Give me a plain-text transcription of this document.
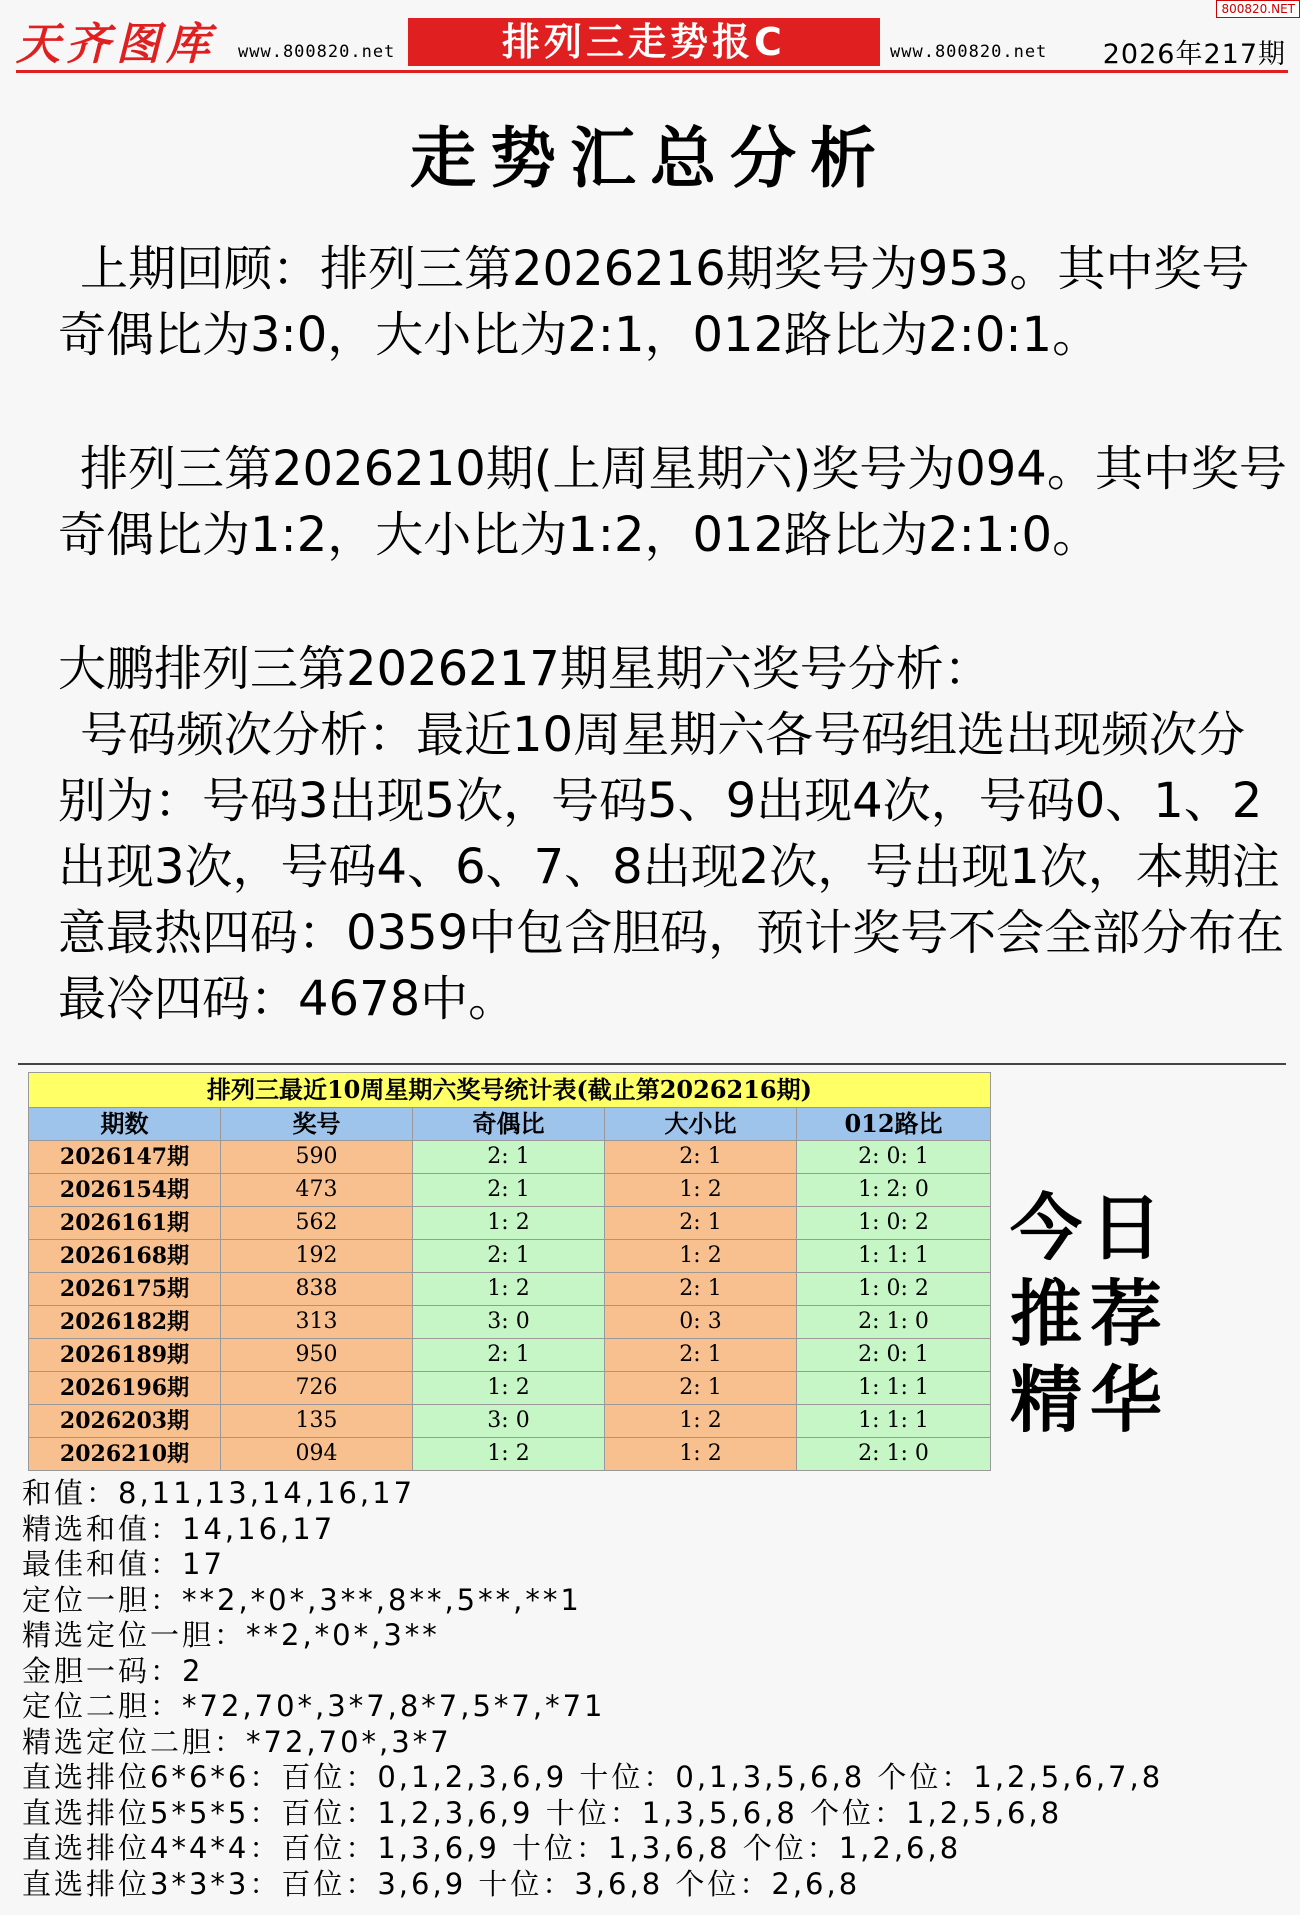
800820.NET
天齐图库 www.800820.net	排列三走势报C	www.800820.net 2026年217期
走势汇总分析

上期回顾：排列三第2026216期奖号为953。其中奖号奇偶比为3:0，大小比为2:1，012路比为2:0:1。

排列三第2026210期(上周星期六)奖号为094。其中奖号奇偶比为1:2，大小比为1:2，012路比为2:1:0。

大鹏排列三第2026217期星期六奖号分析：

号码频次分析：最近10周星期六各号码组选出现频次分别为：号码3出现5次，号码5、9出现4次，号码0、1、2出现3次，号码4、6、7、8出现2次，号出现1次，本期注意最热四码：0359中包含胆码，预计奖号不会全部分布在最冷四码：4678中。

排列三最近10周星期六奖号统计表(截止第2026216期)				
期数	奖号	奇偶比	大小比	012路比
2026147期	590	2: 1	2: 1	2: 0: 1
2026154期	473	2: 1	1: 2	1: 2: 0
2026161期	562	1: 2	2: 1	1: 0: 2
2026168期	192	2: 1	1: 2	1: 1: 1
2026175期	838	1: 2	2: 1	1: 0: 2
2026182期	313	3: 0	0: 3	2: 1: 0
2026189期	950	2: 1	2: 1	2: 0: 1
2026196期	726	1: 2	2: 1	1: 1: 1
2026203期	135	3: 0	1: 2	1: 1: 1
2026210期	094	1: 2	1: 2	2: 1: 0
今日
推荐
精华
和值：8,11,13,14,16,17
精选和值：14,16,17
最佳和值：17
定位一胆：**2,*0*,3**,8**,5**,**1
精选定位一胆：**2,*0*,3**
金胆一码：2
定位二胆：*72,70*,3*7,8*7,5*7,*71
精选定位二胆：*72,70*,3*7
直选排位6*6*6：百位：0,1,2,3,6,9 十位：0,1,3,5,6,8 个位：1,2,5,6,7,8
直选排位5*5*5：百位：1,2,3,6,9 十位：1,3,5,6,8 个位：1,2,5,6,8
直选排位4*4*4：百位：1,3,6,9 十位：1,3,6,8 个位：1,2,6,8
直选排位3*3*3：百位：3,6,9 十位：3,6,8 个位：2,6,8
